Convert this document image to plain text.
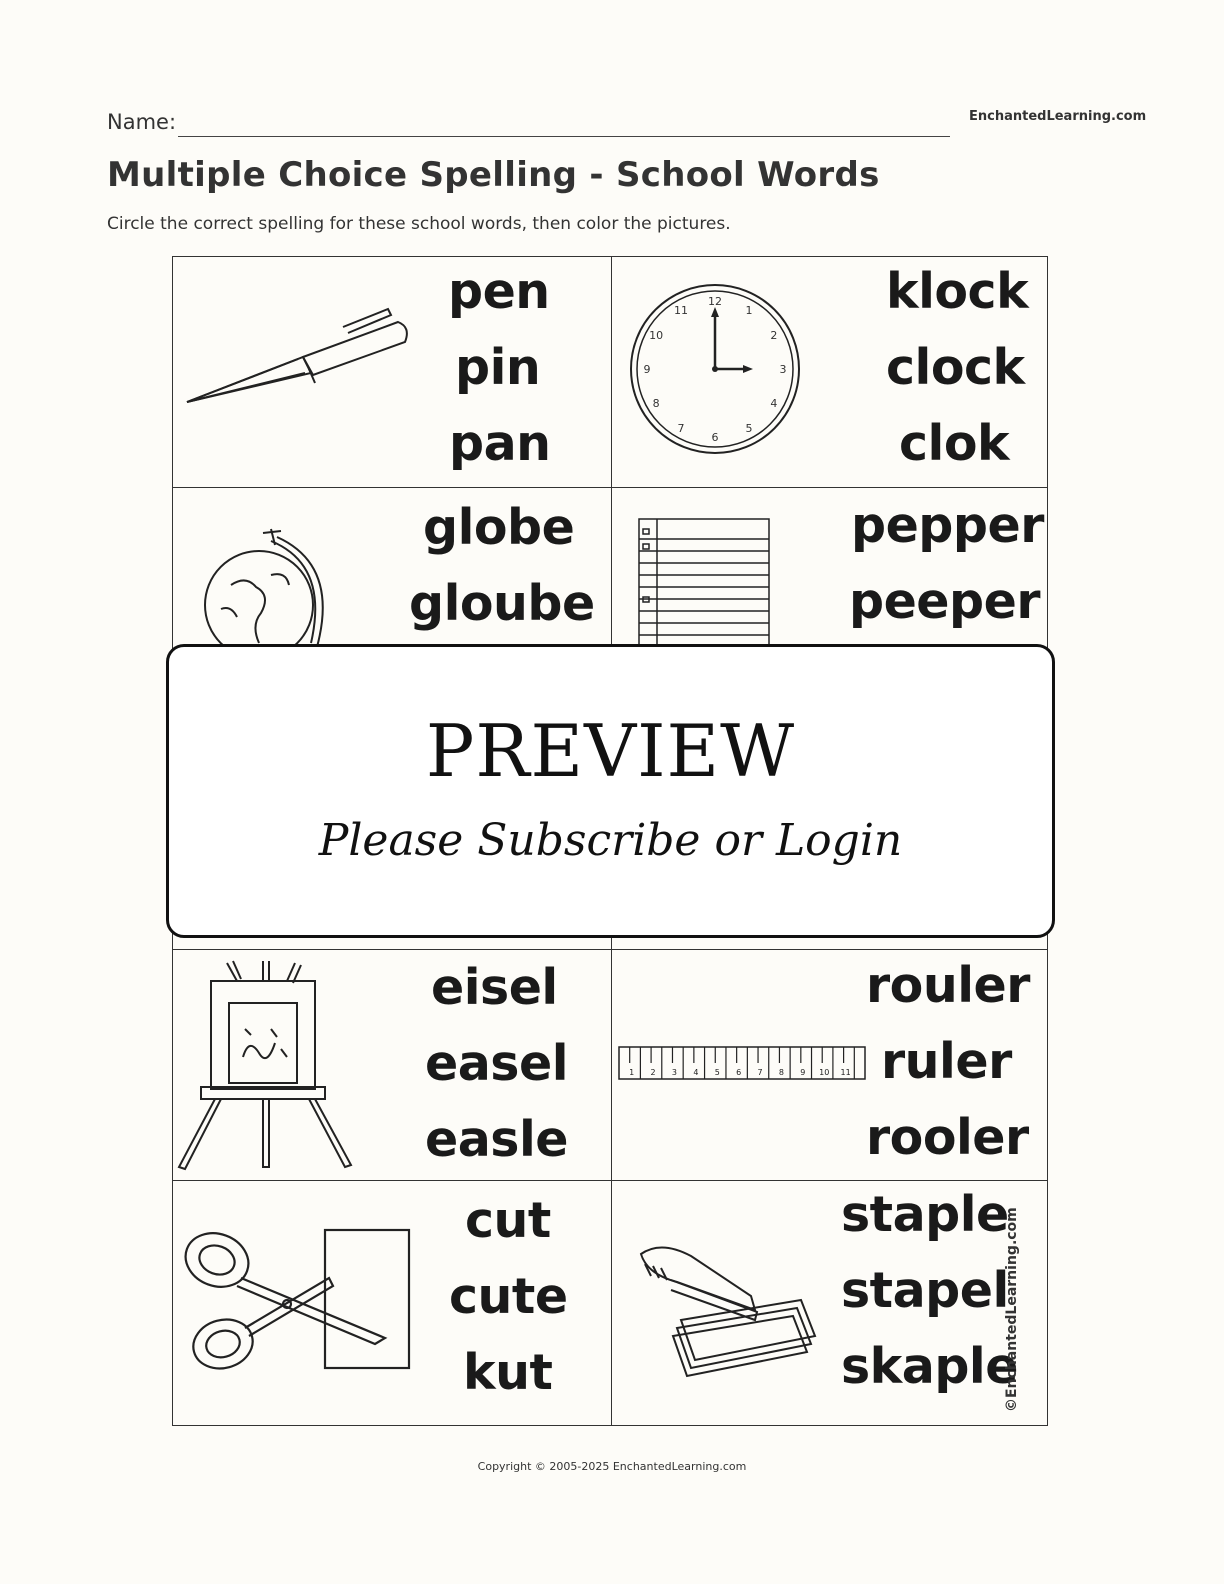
Name:	EnchantedLearning.com
Multiple Choice Spelling - School Words
Circle the correct spelling for these school words, then color the pictures.
pen
pin
pan
12
1
2
3
4
5
6
7
8
9
10
11	klock
clock
clok
globe
gloube
pepper
peeper
eisel
easel
easle
1 2 3 4 5 6 7 8 9 10 11
rouler
ruler
rooler
cut
cute
kut
staple
stapel
skaple
©EnchantedLearning.com
PREVIEW
Please Subscribe or Login
Copyright © 2005-2025 EnchantedLearning.com
